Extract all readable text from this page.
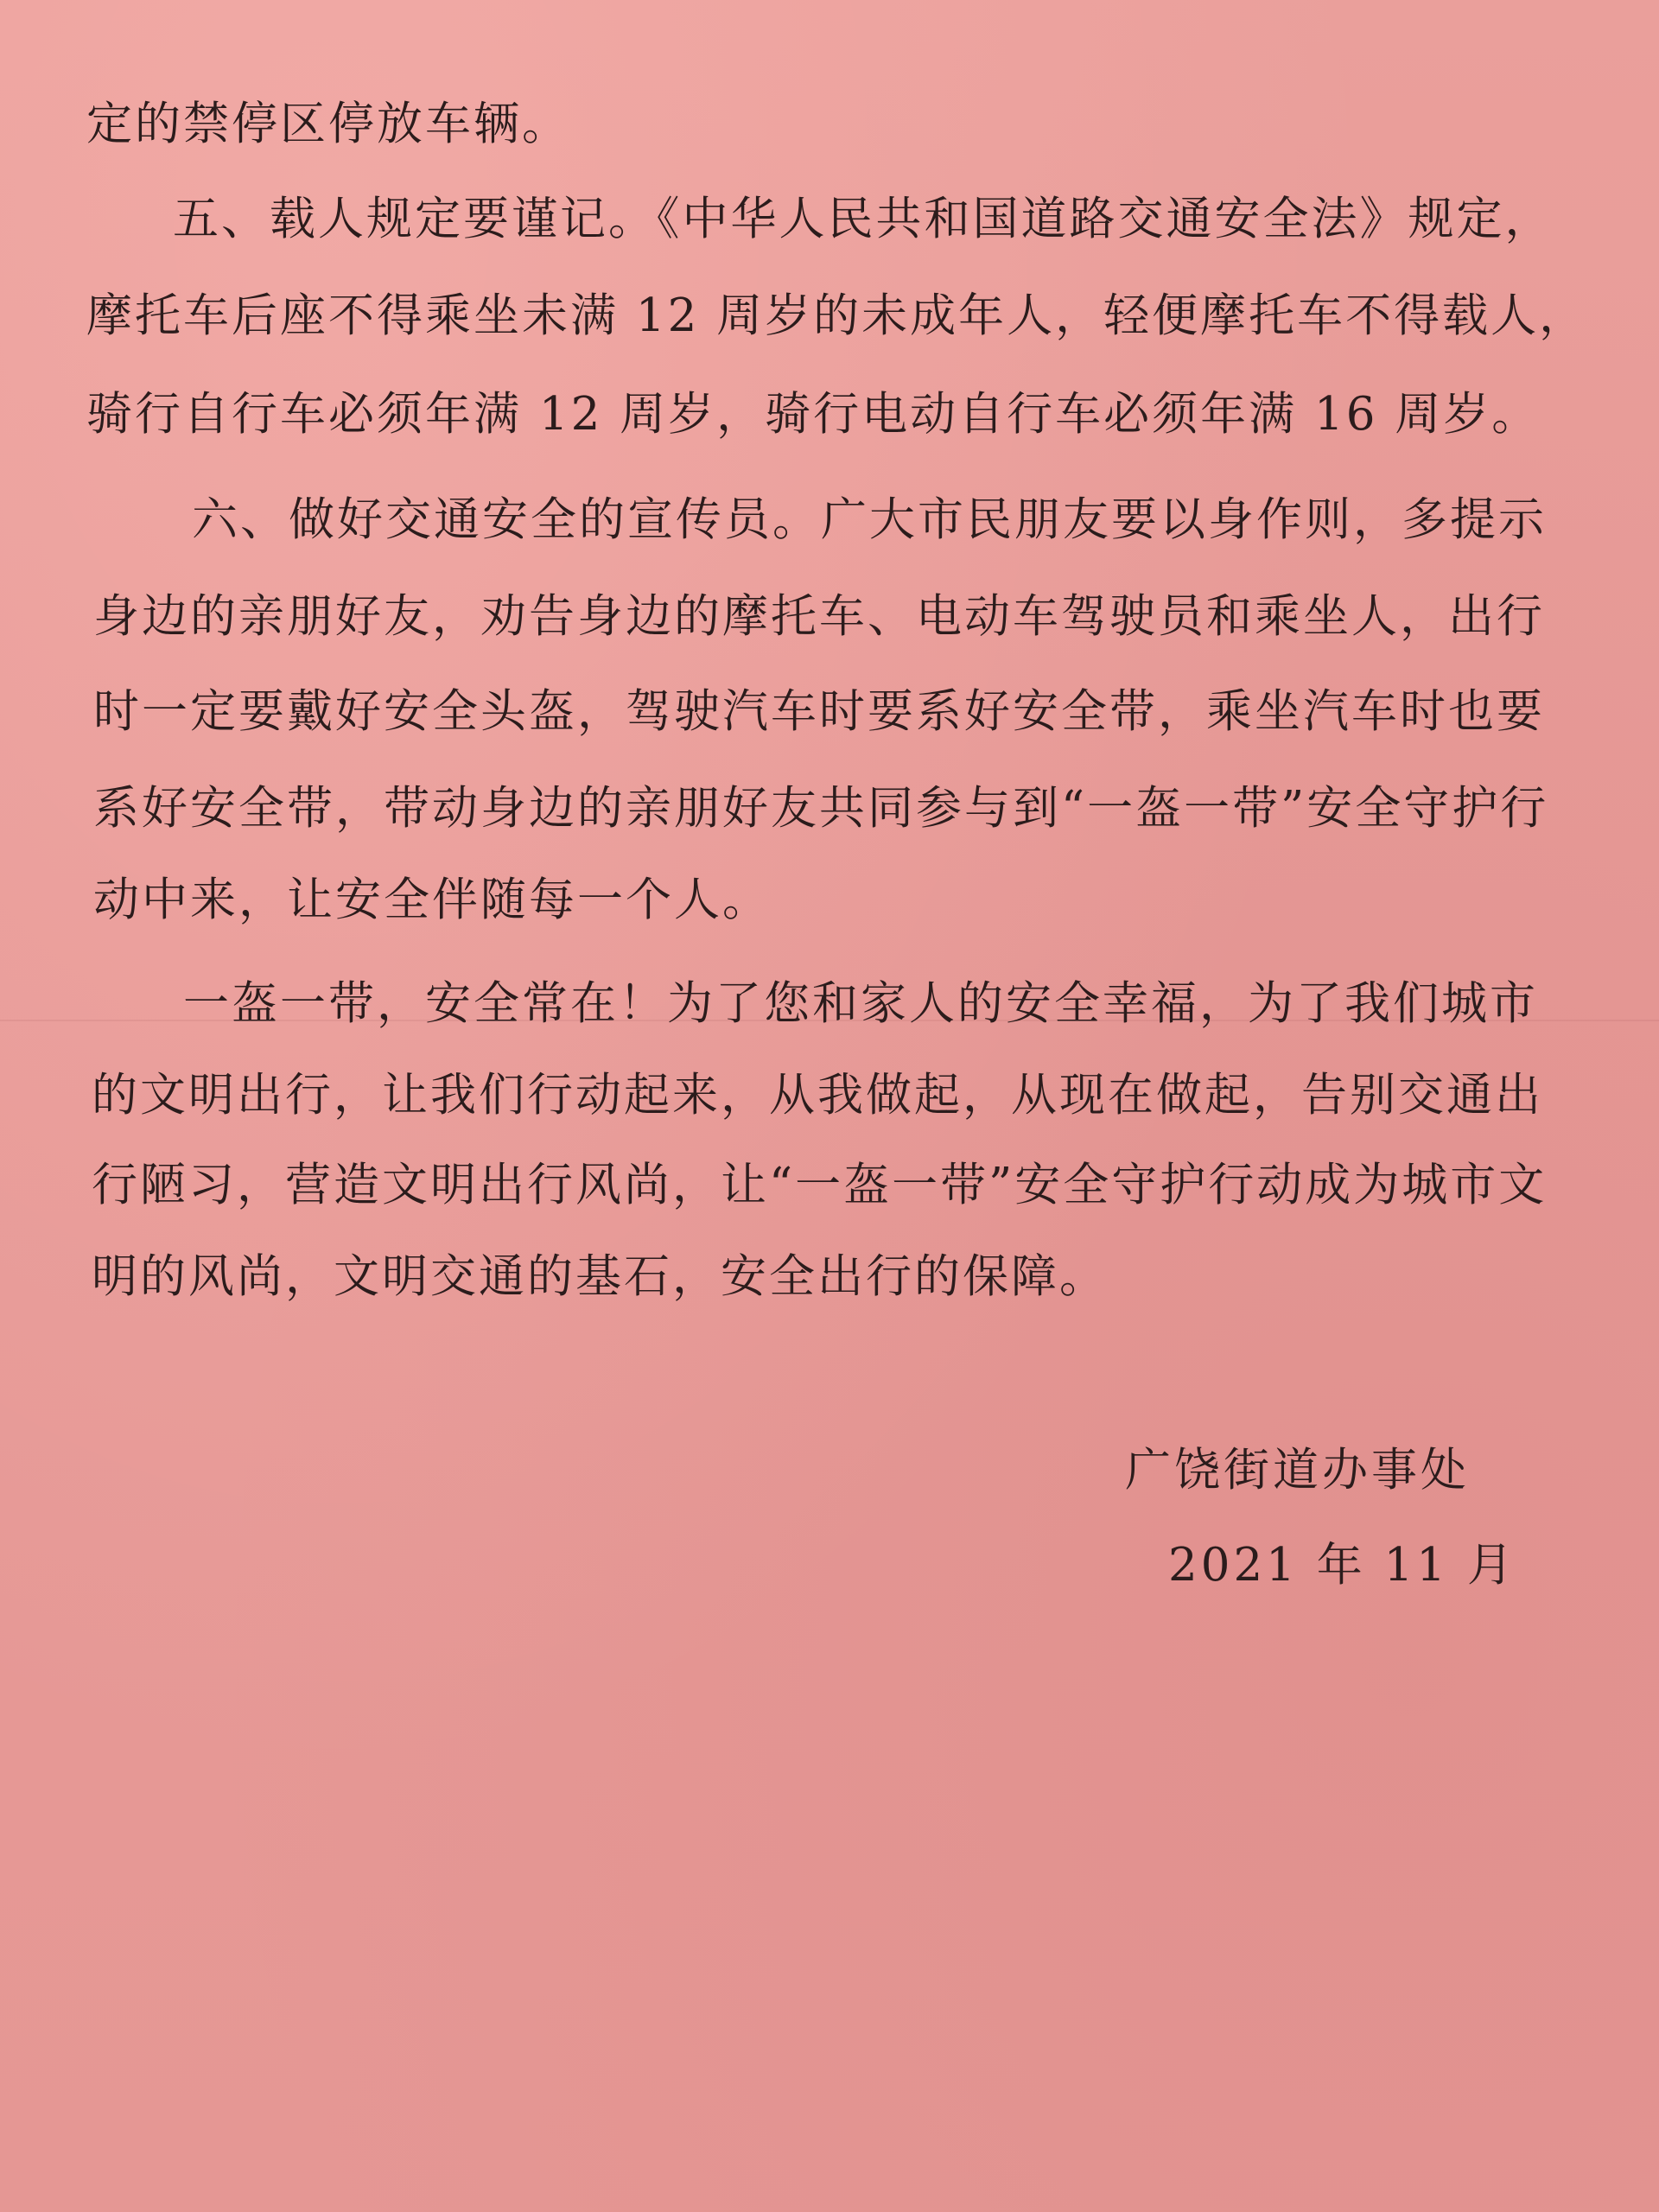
定的禁停区停放车辆。
五、载人规定要谨记。《中华人民共和国道路交通安全法》规定，
摩托车后座不得乘坐未满 12 周岁的未成年人，轻便摩托车不得载人，
骑行自行车必须年满 12 周岁，骑行电动自行车必须年满 16 周岁。
六、做好交通安全的宣传员。广大市民朋友要以身作则，多提示
身边的亲朋好友，劝告身边的摩托车、电动车驾驶员和乘坐人，出行
时一定要戴好安全头盔，驾驶汽车时要系好安全带，乘坐汽车时也要
系好安全带，带动身边的亲朋好友共同参与到“一盔一带”安全守护行
动中来，让安全伴随每一个人。
一盔一带，安全常在！为了您和家人的安全幸福，为了我们城市
的文明出行，让我们行动起来，从我做起，从现在做起，告别交通出
行陋习，营造文明出行风尚，让“一盔一带”安全守护行动成为城市文
明的风尚，文明交通的基石，安全出行的保障。
广饶街道办事处
2021 年 11 月
